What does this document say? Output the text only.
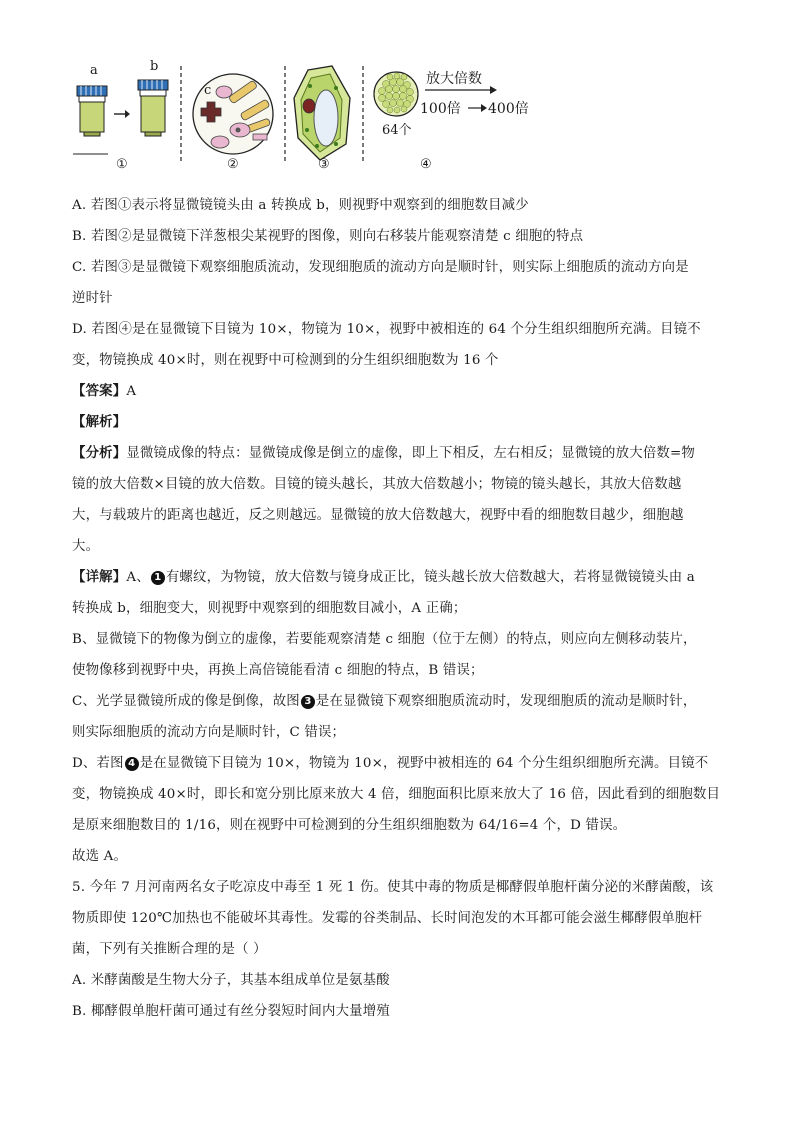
a	b
c
①	②	③	④
放大倍数
100倍 400倍
64个
A. 若图①表示将显微镜镜头由 a 转换成 b，则视野中观察到的细胞数目减少
B. 若图②是显微镜下洋葱根尖某视野的图像，则向右移装片能观察清楚 c 细胞的特点
C. 若图③是显微镜下观察细胞质流动，发现细胞质的流动方向是顺时针，则实际上细胞质的流动方向是
逆时针
D. 若图④是在显微镜下目镜为 10×，物镜为 10×，视野中被相连的 64 个分生组织细胞所充满。目镜不
变，物镜换成 40×时，则在视野中可检测到的分生组织细胞数为 16 个
【答案】A
【解析】
【分析】显微镜成像的特点：显微镜成像是倒立的虚像，即上下相反，左右相反；显微镜的放大倍数=物
镜的放大倍数×目镜的放大倍数。目镜的镜头越长，其放大倍数越小；物镜的镜头越长，其放大倍数越
大，与载玻片的距离也越近，反之则越远。显微镜的放大倍数越大，视野中看的细胞数目越少，细胞越
大。
【详解】A、 1 有螺纹，为物镜，放大倍数与镜身成正比，镜头越长放大倍数越大，若将显微镜镜头由 a
转换成 b，细胞变大，则视野中观察到的细胞数目减小，A 正确；
B、显微镜下的物像为倒立的虚像，若要能观察清楚 c 细胞（位于左侧）的特点，则应向左侧移动装片，
使物像移到视野中央，再换上高倍镜能看清 c 细胞的特点，B 错误；
C、光学显微镜所成的像是倒像，故图 3 是在显微镜下观察细胞质流动时，发现细胞质的流动是顺时针，
则实际细胞质的流动方向是顺时针，C 错误；
D、若图 4 是在显微镜下目镜为 10×，物镜为 10×，视野中被相连的 64 个分生组织细胞所充满。目镜不
变，物镜换成 40×时，即长和宽分别比原来放大 4 倍，细胞面积比原来放大了 16 倍，因此看到的细胞数目
是原来细胞数目的 1/16，则在视野中可检测到的分生组织细胞数为 64/16=4 个，D 错误。
故选 A。
5. 今年 7 月河南两名女子吃凉皮中毒至 1 死 1 伤。使其中毒的物质是椰酵假单胞杆菌分泌的米酵菌酸，该
物质即使 120℃加热也不能破坏其毒性。发霉的谷类制品、长时间泡发的木耳都可能会滋生椰酵假单胞杆
菌，下列有关推断合理的是（ ）
A. 米酵菌酸是生物大分子，其基本组成单位是氨基酸
B. 椰酵假单胞杆菌可通过有丝分裂短时间内大量增殖
